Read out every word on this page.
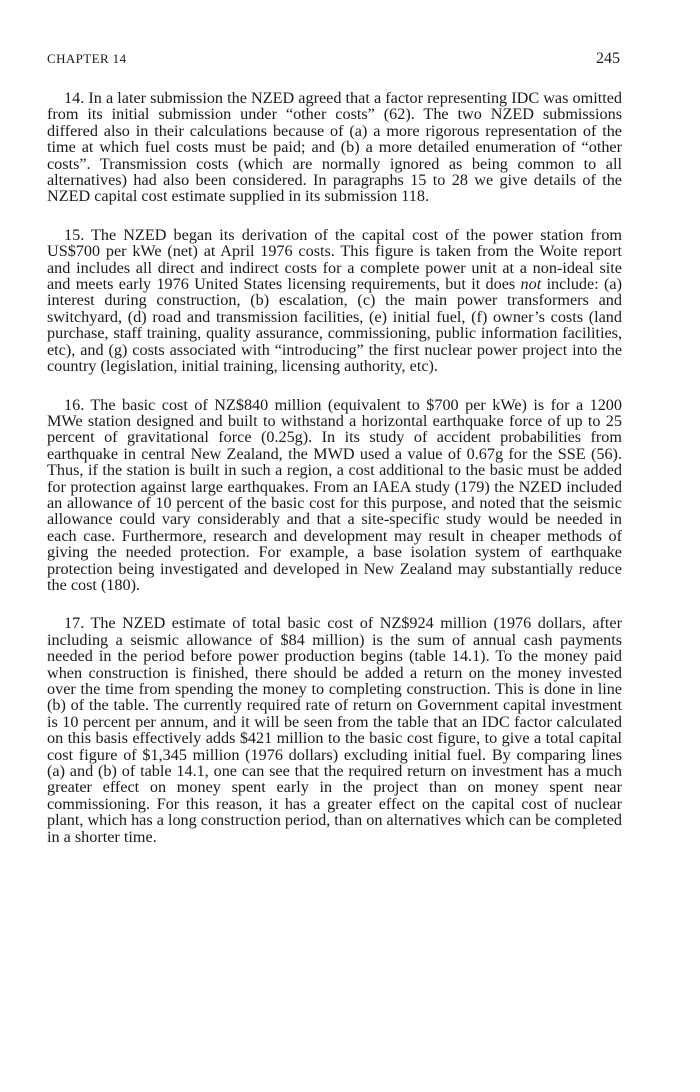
CHAPTER 14	245

14. In a later submission the NZED agreed that a factor representing IDC was omitted from its initial submission under “other costs” (62). The two NZED submissions differed also in their calculations because of (a) a more rigorous representation of the time at which fuel costs must be paid; and (b) a more detailed enumeration of “other costs”. Transmission costs (which are normally ignored as being common to all alternatives) had also been considered. In paragraphs 15 to 28 we give details of the NZED capital cost estimate supplied in its submission 118.

15. The NZED began its derivation of the capital cost of the power station from US$700 per kWe (net) at April 1976 costs. This figure is taken from the Woite report and includes all direct and indirect costs for a complete power unit at a non-ideal site and meets early 1976 United States licensing requirements, but it does not include: (a) interest during construction, (b) escalation, (c) the main power transformers and switchyard, (d) road and transmission facilities, (e) initial fuel, (f) owner’s costs (land purchase, staff training, quality assurance, commissioning, public information facilities, etc), and (g) costs associated with “introducing” the first nuclear power project into the country (legislation, initial training, licensing authority, etc).

16. The basic cost of NZ$840 million (equivalent to $700 per kWe) is for a 1200 MWe station designed and built to withstand a horizontal earthquake force of up to 25 percent of gravitational force (0.25g). In its study of accident probabilities from earthquake in central New Zealand, the MWD used a value of 0.67g for the SSE (56). Thus, if the station is built in such a region, a cost additional to the basic must be added for protection against large earthquakes. From an IAEA study (179) the NZED included an allowance of 10 percent of the basic cost for this purpose, and noted that the seismic allowance could vary considerably and that a site-specific study would be needed in each case. Furthermore, research and development may result in cheaper methods of giving the needed protection. For example, a base isolation system of earthquake protection being investigated and developed in New Zealand may substantially reduce the cost (180).

17. The NZED estimate of total basic cost of NZ$924 million (1976 dollars, after including a seismic allowance of $84 million) is the sum of annual cash payments needed in the period before power production begins (table 14.1). To the money paid when construction is finished, there should be added a return on the money invested over the time from spending the money to completing construction. This is done in line (b) of the table. The currently required rate of return on Government capital investment is 10 percent per annum, and it will be seen from the table that an IDC factor calculated on this basis effectively adds $421 million to the basic cost figure, to give a total capital cost figure of $1,345 million (1976 dollars) excluding initial fuel. By comparing lines (a) and (b) of table 14.1, one can see that the required return on investment has a much greater effect on money spent early in the project than on money spent near commissioning. For this reason, it has a greater effect on the capital cost of nuclear plant, which has a long construction period, than on alternatives which can be completed in a shorter time.
